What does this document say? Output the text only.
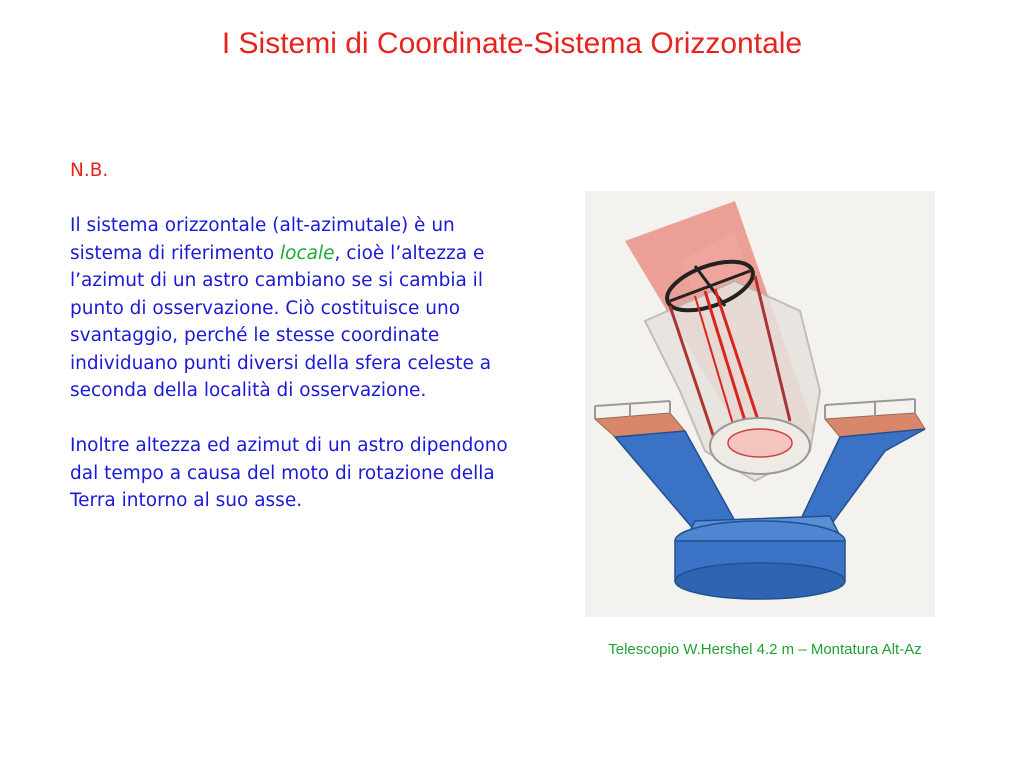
I Sistemi di Coordinate-Sistema Orizzontale

N.B.

Il sistema orizzontale (alt-azimutale) è un sistema di riferimento locale, cioè l’altezza e l’azimut di un astro cambiano se si cambia il punto di osservazione. Ciò costituisce uno svantaggio, perché le stesse coordinate individuano punti diversi della sfera celeste a seconda della località di osservazione.

Inoltre altezza ed azimut di un astro dipendono dal tempo a causa del moto di rotazione della Terra intorno al suo asse.

Telescopio W.Hershel 4.2 m – Montatura Alt-Az
